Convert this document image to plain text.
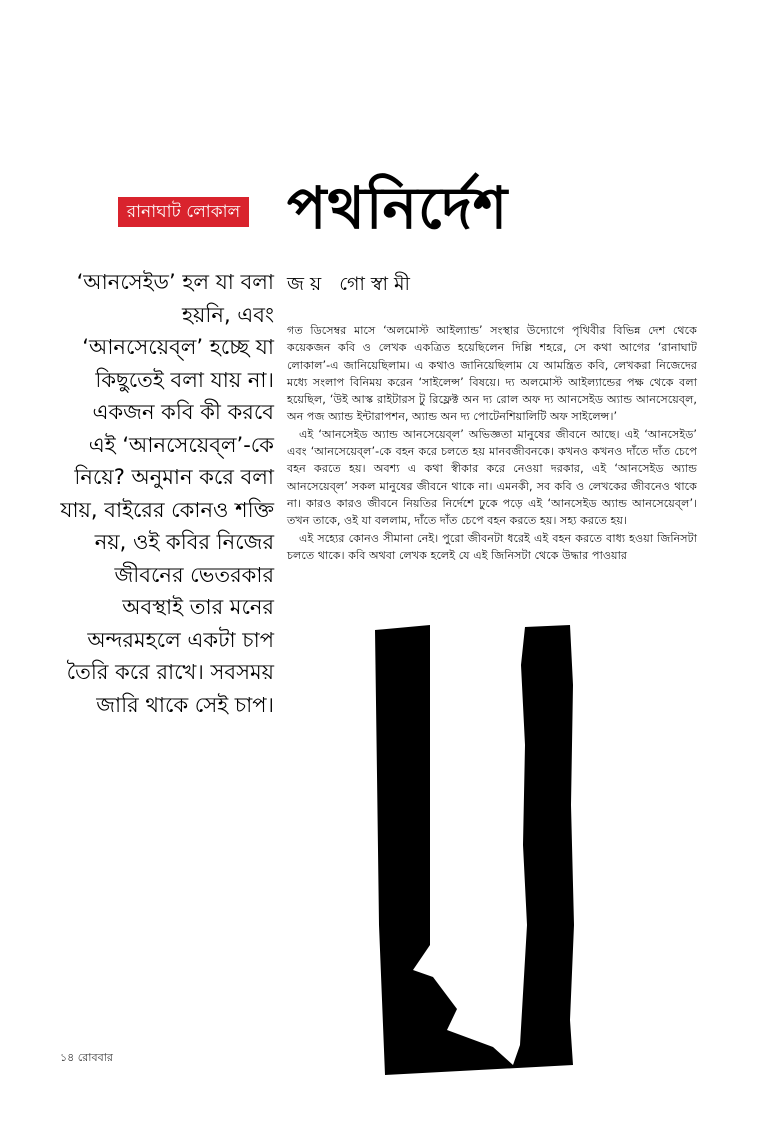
রানাঘাট লোকাল পথনির্দেশ
‘আনসেইড’ হল যা বলা হয়নি, এবং ‘আনসেয়েব্‌ল’ হচ্ছে যা কিছুতেই বলা যায় না। একজন কবি কী করবে এই ‘আনসেয়েব্‌ল’-কে নিয়ে? অনুমান করে বলা যায়, বাইরের কোনও শক্তি নয়, ওই কবির নিজের জীবনের ভেতরকার অবস্থাই তার মনের অন্দরমহলে একটা চাপ তৈরি করে রাখে। সবসময় জারি থাকে সেই চাপ।
জয় গোস্বামী

গত ডিসেম্বর মাসে ‘অলমোস্ট আইল্যান্ড’ সংস্থার উদ্যোগে পৃথিবীর বিভিন্ন দেশ থেকে কয়েকজন কবি ও লেখক একত্রিত হয়েছিলেন দিল্লি শহরে, সে কথা আগের ‘রানাঘাট লোকাল’-এ জানিয়েছিলাম। এ কথাও জানিয়েছিলাম যে আমন্ত্রিত কবি, লেখকরা নিজেদের মধ্যে সংলাপ বিনিময় করেন ‘সাইলেন্স’ বিষয়ে। দ্য অলমোস্ট আইল্যান্ডের পক্ষ থেকে বলা হয়েছিল, ‘উই আস্ক রাইটারস টু রিফ্লেক্ট অন দ্য রোল অফ দ্য আনসেইড অ্যান্ড আনসেয়েব্‌ল, অন পজ অ্যান্ড ইন্টারাপশন, অ্যান্ড অন দ্য পোটেনশিয়ালিটি অফ সাইলেন্স।’

এই ‘আনসেইড অ্যান্ড আনসেয়েব্‌ল’ অভিজ্ঞতা মানুষের জীবনে আছে। এই ‘আনসেইড’ এবং ‘আনসেয়েব্‌ল’-কে বহন করে চলতে হয় মানবজীবনকে। কখনও কখনও দাঁতে দাঁত চেপে বহন করতে হয়। অবশ্য এ কথা স্বীকার করে নেওয়া দরকার, এই ‘আনসেইড অ্যান্ড আনসেয়েব্‌ল’ সকল মানুষের জীবনে থাকে না। এমনকী, সব কবি ও লেখকের জীবনেও থাকে না। কারও কারও জীবনে নিয়তির নির্দেশে ঢুকে পড়ে এই ‘আনসেইড অ্যান্ড আনসেয়েব্‌ল’। তখন তাকে, ওই যা বললাম, দাঁতে দাঁত চেপে বহন করতে হয়। সহ্য করতে হয়।

এই সহ্যের কোনও সীমানা নেই। পুরো জীবনটা ধরেই এই বহন করতে বাধ্য হওয়া জিনিসটা চলতে থাকে। কবি অথবা লেখক হলেই যে এই জিনিসটা থেকে উদ্ধার পাওয়ার

১৪ রোববার
